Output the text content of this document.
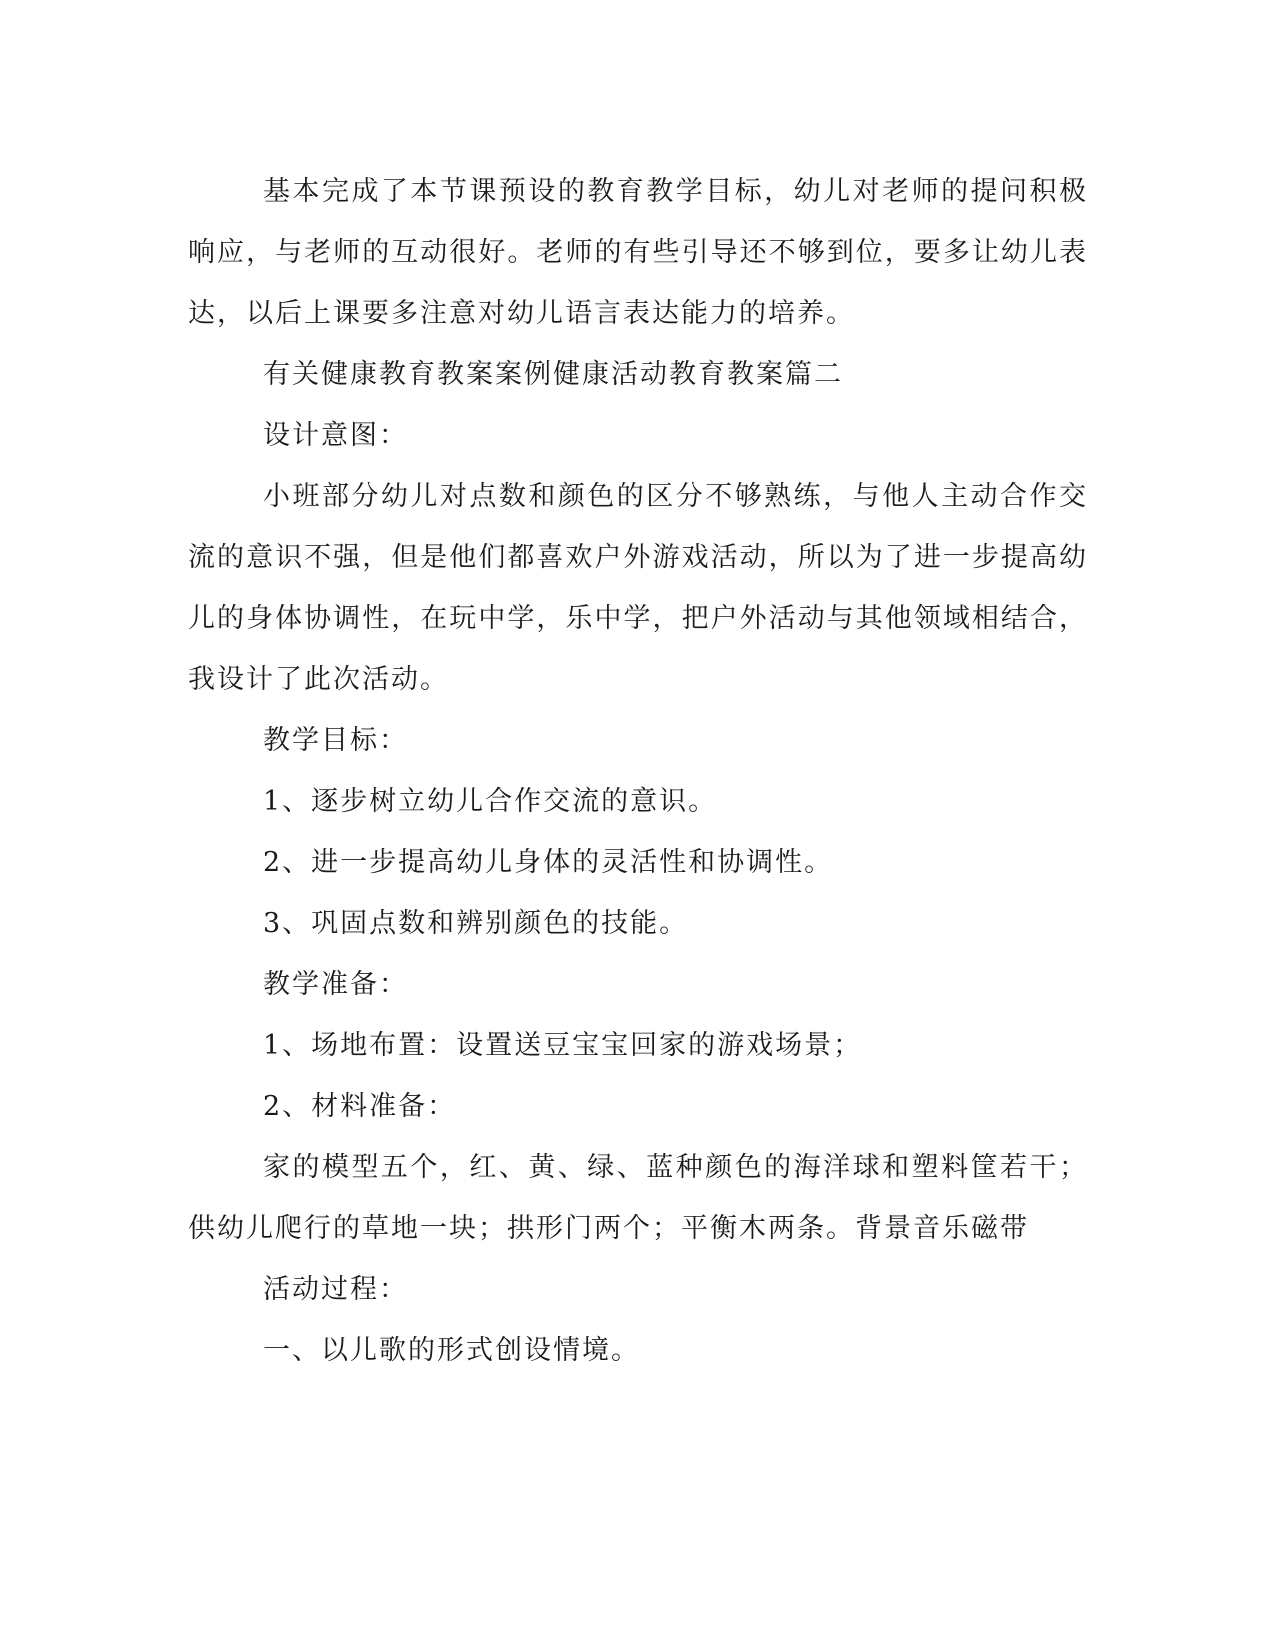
基本完成了本节课预设的教育教学目标，幼儿对老师的提问积极响应，与老师的互动很好。老师的有些引导还不够到位，要多让幼儿表达，以后上课要多注意对幼儿语言表达能力的培养。

有关健康教育教案案例健康活动教育教案篇二

设计意图：

小班部分幼儿对点数和颜色的区分不够熟练，与他人主动合作交流的意识不强，但是他们都喜欢户外游戏活动，所以为了进一步提高幼儿的身体协调性，在玩中学，乐中学，把户外活动与其他领域相结合，我设计了此次活动。

教学目标：

1、逐步树立幼儿合作交流的意识。

2、进一步提高幼儿身体的灵活性和协调性。

3、巩固点数和辨别颜色的技能。

教学准备：

1、场地布置：设置送豆宝宝回家的游戏场景；

2、材料准备：

家的模型五个，红、黄、绿、蓝种颜色的海洋球和塑料筐若干；供幼儿爬行的草地一块；拱形门两个；平衡木两条。背景音乐磁带

活动过程：

一、以儿歌的形式创设情境。
